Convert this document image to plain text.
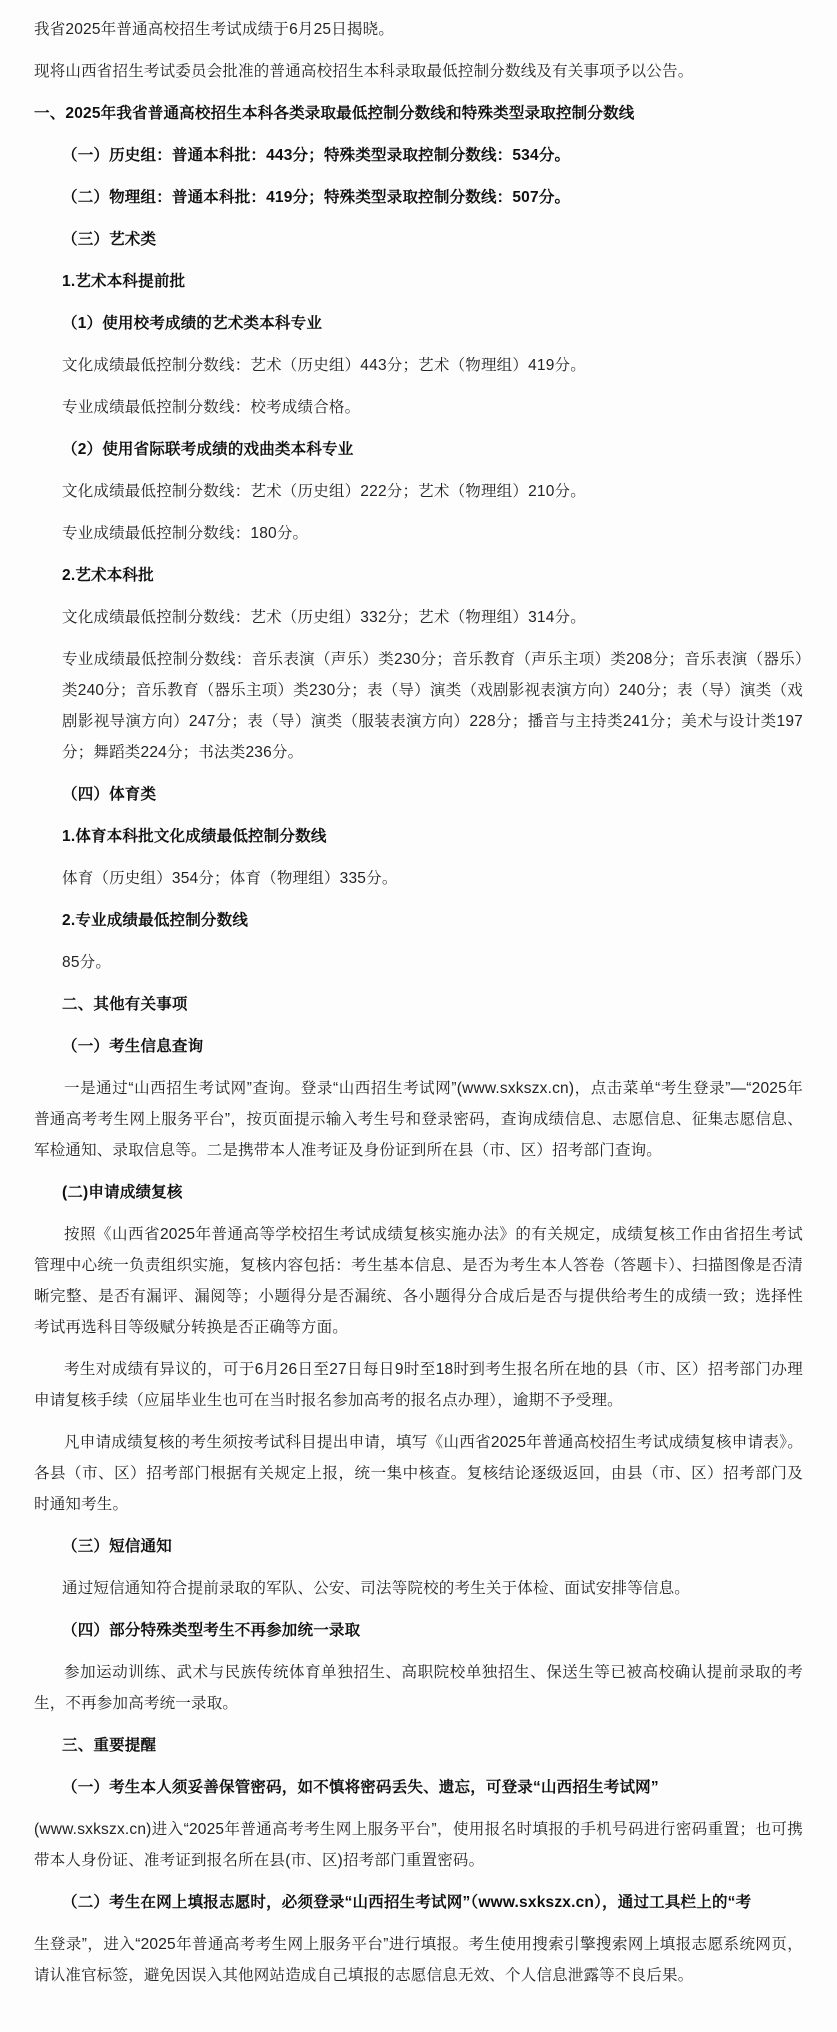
我省2025年普通高校招生考试成绩于6月25日揭晓。

现将山西省招生考试委员会批准的普通高校招生本科录取最低控制分数线及有关事项予以公告。

一、2025年我省普通高校招生本科各类录取最低控制分数线和特殊类型录取控制分数线

（一）历史组：普通本科批：443分；特殊类型录取控制分数线：534分。

（二）物理组：普通本科批：419分；特殊类型录取控制分数线：507分。

（三）艺术类

1.艺术本科提前批

（1）使用校考成绩的艺术类本科专业

文化成绩最低控制分数线：艺术（历史组）443分；艺术（物理组）419分。

专业成绩最低控制分数线：校考成绩合格。

（2）使用省际联考成绩的戏曲类本科专业

文化成绩最低控制分数线：艺术（历史组）222分；艺术（物理组）210分。

专业成绩最低控制分数线：180分。

2.艺术本科批

文化成绩最低控制分数线：艺术（历史组）332分；艺术（物理组）314分。

专业成绩最低控制分数线：音乐表演（声乐）类230分；音乐教育（声乐主项）类208分；音乐表演（器乐）类240分；音乐教育（器乐主项）类230分；表（导）演类（戏剧影视表演方向）240分；表（导）演类（戏剧影视导演方向）247分；表（导）演类（服装表演方向）228分；播音与主持类241分；美术与设计类197分；舞蹈类224分；书法类236分。

（四）体育类

1.体育本科批文化成绩最低控制分数线

体育（历史组）354分；体育（物理组）335分。

2.专业成绩最低控制分数线

85分。

二、其他有关事项

（一）考生信息查询

一是通过“山西招生考试网”查询。登录“山西招生考试网”(www.sxkszx.cn)，点击菜单“考生登录”—“2025年普通高考考生网上服务平台”，按页面提示输入考生号和登录密码，查询成绩信息、志愿信息、征集志愿信息、军检通知、录取信息等。二是携带本人准考证及身份证到所在县（市、区）招考部门查询。

(二)申请成绩复核

按照《山西省2025年普通高等学校招生考试成绩复核实施办法》的有关规定，成绩复核工作由省招生考试管理中心统一负责组织实施，复核内容包括：考生基本信息、是否为考生本人答卷（答题卡）、扫描图像是否清晰完整、是否有漏评、漏阅等；小题得分是否漏统、各小题得分合成后是否与提供给考生的成绩一致；选择性考试再选科目等级赋分转换是否正确等方面。

考生对成绩有异议的，可于6月26日至27日每日9时至18时到考生报名所在地的县（市、区）招考部门办理申请复核手续（应届毕业生也可在当时报名参加高考的报名点办理），逾期不予受理。

凡申请成绩复核的考生须按考试科目提出申请，填写《山西省2025年普通高校招生考试成绩复核申请表》。各县（市、区）招考部门根据有关规定上报，统一集中核查。复核结论逐级返回，由县（市、区）招考部门及时通知考生。

（三）短信通知

通过短信通知符合提前录取的军队、公安、司法等院校的考生关于体检、面试安排等信息。

（四）部分特殊类型考生不再参加统一录取

参加运动训练、武术与民族传统体育单独招生、高职院校单独招生、保送生等已被高校确认提前录取的考生，不再参加高考统一录取。

三、重要提醒

（一）考生本人须妥善保管密码，如不慎将密码丢失、遗忘，可登录“山西招生考试网”

(www.sxkszx.cn)进入“2025年普通高考考生网上服务平台”，使用报名时填报的手机号码进行密码重置；也可携带本人身份证、准考证到报名所在县(市、区)招考部门重置密码。

（二）考生在网上填报志愿时，必须登录“山西招生考试网”（www.sxkszx.cn），通过工具栏上的“考

生登录”，进入“2025年普通高考考生网上服务平台”进行填报。考生使用搜索引擎搜索网上填报志愿系统网页，请认准官标签，避免因误入其他网站造成自己填报的志愿信息无效、个人信息泄露等不良后果。
